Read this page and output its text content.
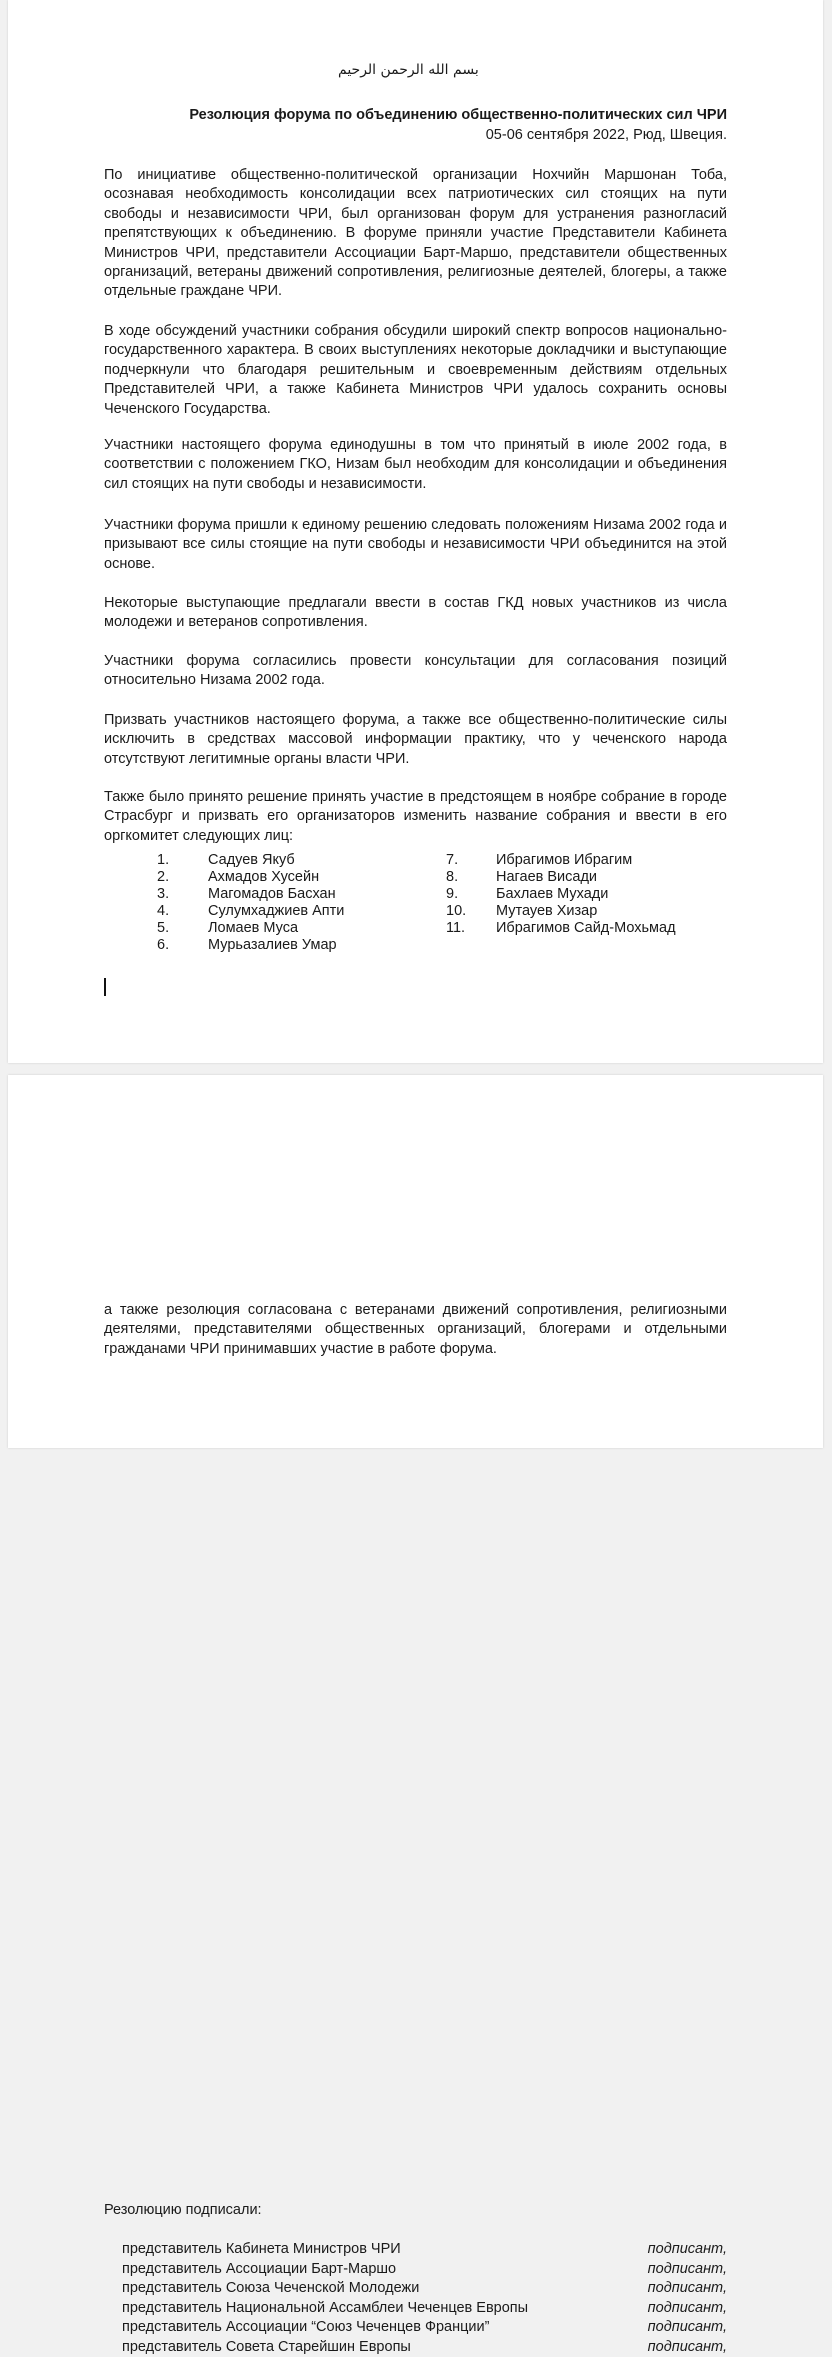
بسم الله الرحمن الرحيم
Резолюция форума по объединению общественно-политических сил ЧРИ
05-06 сентября 2022, Рюд, Швеция.
По инициативе общественно-политической организации Нохчийн Маршонан Тоба, осознавая необходимость консолидации всех патриотических сил стоящих на пути свободы и независимости ЧРИ, был организован форум для устранения разногласий препятствующих к объединению. В форуме приняли участие Представители Кабинета Министров ЧРИ, представители Ассоциации Барт-Маршо, представители общественных организаций, ветераны движений сопротивления, религиозные деятелей, блогеры, а также отдельные граждане ЧРИ.
В ходе обсуждений участники собрания обсудили широкий спектр вопросов национально-государственного характера. В своих выступлениях некоторые докладчики и выступающие подчеркнули что благодаря решительным и своевременным действиям отдельных Представителей ЧРИ, а также Кабинета Министров ЧРИ удалось сохранить основы Чеченского Государства.
Участники настоящего форума единодушны в том что принятый в июле 2002 года, в соответствии с положением ГКО, Низам был необходим для консолидации и объединения сил стоящих на пути свободы и независимости.
Участники форума пришли к единому решению следовать положениям Низама 2002 года и призывают все силы стоящие на пути свободы и независимости ЧРИ объединится на этой основе.
Некоторые выступающие предлагали ввести в состав ГКД новых участников из числа молодежи и ветеранов сопротивления.
Участники форума согласились провести консультации для согласования позиций относительно Низама 2002 года.
Призвать участников настоящего форума, а также все общественно-политические силы исключить в средствах массовой информации практику, что у чеченского народа отсутствуют легитимные органы власти ЧРИ.
Также было принято решение принять участие в предстоящем в ноябре собрание в городе Страсбург и призвать его организаторов изменить название собрания и ввести в его оргкомитет следующих лиц:
1.	Садуев Якуб
2.	Ахмадов Хусейн
3.	Магомадов Басхан
4.	Сулумхаджиев Апти
5.	Ломаев Муса
6.	Мурьазалиев Умар
7.	Ибрагимов Ибрагим
8.	Нагаев Висади
9.	Бахлаев Мухади
10. Мутауев Хизар
11. Ибрагимов Сайд-Мохьмад
Резолюцию подписали:
представитель Кабинета Министров ЧРИ	подписант,
представитель Ассоциации Барт-Маршо	подписант,
представитель Союза Чеченской Молодежи	подписант,
представитель Национальной Ассамблеи Чеченцев Европы	подписант,
представитель Ассоциации “Союз Чеченцев Франции”	подписант,
представитель Совета Старейшин Европы	подписант,
а также резолюция согласована с ветеранами движений сопротивления, религиозными деятелями, представителями общественных организаций, блогерами и отдельными гражданами ЧРИ принимавших участие в работе форума.
